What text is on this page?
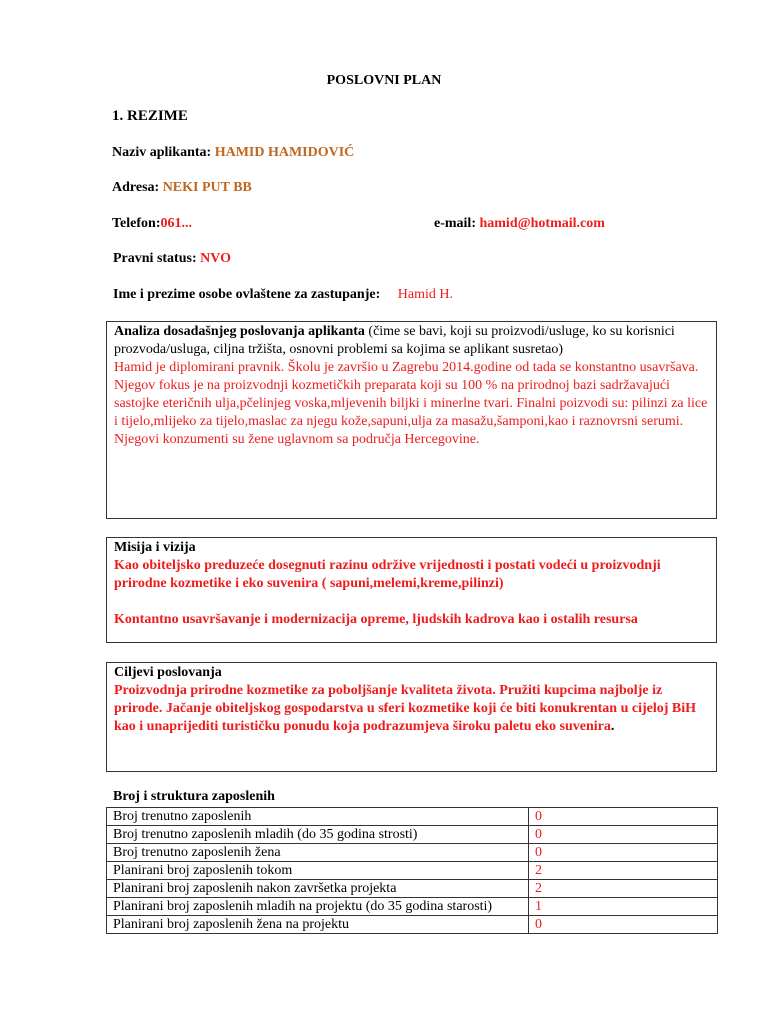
POSLOVNI PLAN
1. REZIME
Naziv aplikanta: HAMID HAMIDOVIĆ
Adresa: NEKI PUT BB
Telefon:061...	e-mail: hamid@hotmail.com
Pravni status: NVO
Ime i prezime osobe ovlaštene za zastupanje: Hamid H.
Analiza dosadašnjeg poslovanja aplikanta (čime se bavi, koji su proizvodi/usluge, ko su korisnici prozvoda/usluga, ciljna tržišta, osnovni problemi sa kojima se aplikant susretao)
Hamid je diplomirani pravnik. Školu je završio u Zagrebu 2014.godine od tada se konstantno usavršava. Njegov fokus je na proizvodnji kozmetičkih preparata koji su 100 % na prirodnoj bazi sadržavajući sastojke eteričnih ulja,pčelinjeg voska,mljevenih biljki i minerlne tvari. Finalni poizvodi su: pilinzi za lice i tijelo,mlijeko za tijelo,maslac za njegu kože,sapuni,ulja za masažu,šamponi,kao i raznovrsni serumi. Njegovi konzumenti su žene uglavnom sa područja Hercegovine.
Misija i vizija
Kao obiteljsko preduzeće dosegnuti razinu održive vrijednosti i postati vodeći u proizvodnji prirodne kozmetike i eko suvenira ( sapuni,melemi,kreme,pilinzi)
Kontantno usavršavanje i modernizacija opreme, ljudskih kadrova kao i ostalih resursa
Ciljevi poslovanja
Proizvodnja prirodne kozmetike za poboljšanje kvaliteta života. Pružiti kupcima najbolje iz prirode. Jačanje obiteljskog gospodarstva u sferi kozmetike koji će biti konukrentan u cijeloj BiH kao i unaprijediti turističku ponudu koja podrazumjeva široku paletu eko suvenira.
Broj i struktura zaposlenih
Broj trenutno zaposlenih	0
Broj trenutno zaposlenih mladih (do 35 godina strosti)	0
Broj trenutno zaposlenih žena	0
Planirani broj zaposlenih tokom	2
Planirani broj zaposlenih nakon završetka projekta	2
Planirani broj zaposlenih mladih na projektu (do 35 godina starosti)	1
Planirani broj zaposlenih žena na projektu	0
